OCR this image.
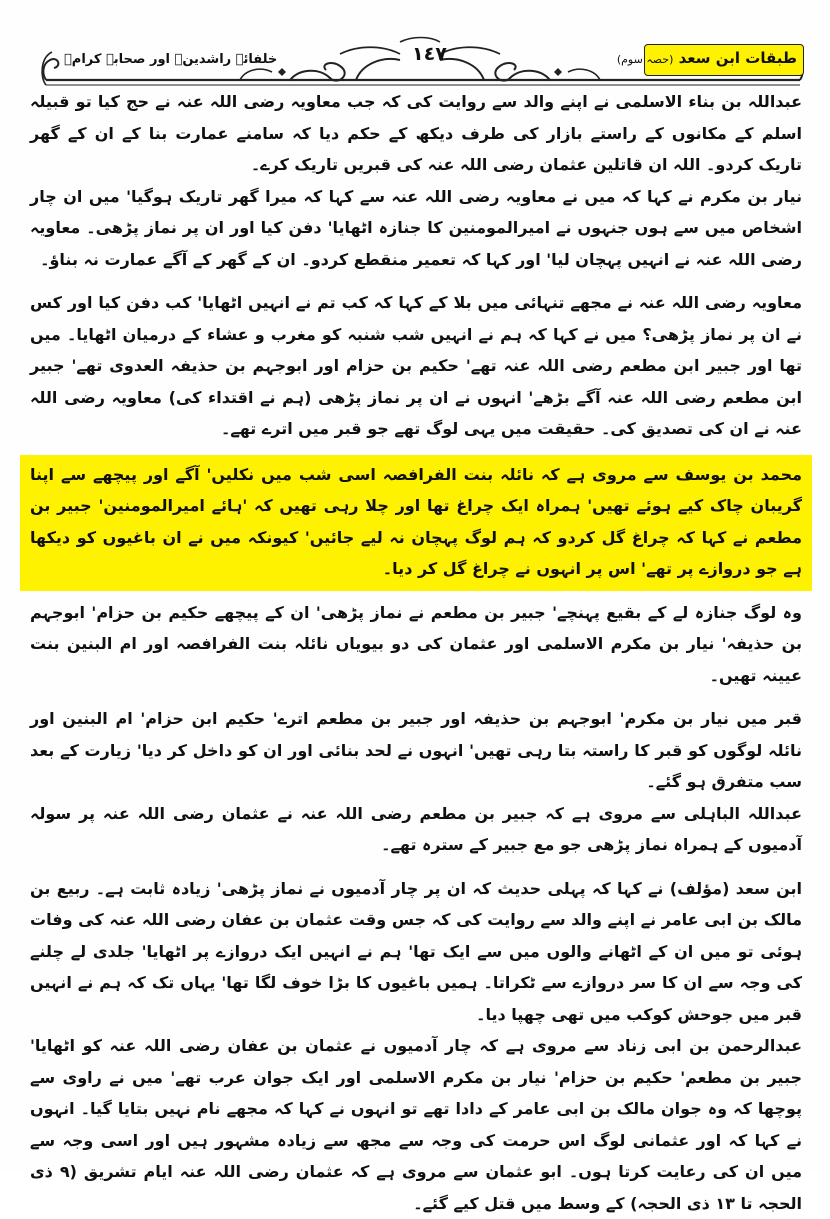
طبقات ابن سعد (حصہ سوم)
١٤٧
خلفائے راشدینؓ اور صحابہ کرامؓ

عبداللہ بن بناء الاسلمی نے اپنے والد سے روایت کی کہ جب معاویہ رضی اللہ عنہ نے حج کیا تو قبیلہ اسلم کے مکانوں کے راستے بازار کی طرف دیکھ کے حکم دیا کہ سامنے عمارت بنا کے ان کے گھر تاریک کردو۔ اللہ ان قاتلین عثمان رضی اللہ عنہ کی قبریں تاریک کرے۔

نیار بن مکرم نے کہا کہ میں نے معاویہ رضی اللہ عنہ سے کہا کہ میرا گھر تاریک ہوگیا' میں ان چار اشخاص میں سے ہوں جنہوں نے امیرالمومنین کا جنازہ اٹھایا' دفن کیا اور ان پر نماز پڑھی۔ معاویہ رضی اللہ عنہ نے انہیں پہچان لیا' اور کہا کہ تعمیر منقطع کردو۔ ان کے گھر کے آگے عمارت نہ بناؤ۔

معاویہ رضی اللہ عنہ نے مجھے تنہائی میں بلا کے کہا کہ کب تم نے انہیں اٹھایا' کب دفن کیا اور کس نے ان پر نماز پڑھی؟ میں نے کہا کہ ہم نے انہیں شب شنبہ کو مغرب و عشاء کے درمیان اٹھایا۔ میں تھا اور جبیر ابن مطعم رضی اللہ عنہ تھے' حکیم بن حزام اور ابوجہم بن حذیفہ العدوی تھے' جبیر ابن مطعم رضی اللہ عنہ آگے بڑھے' انہوں نے ان پر نماز پڑھی (ہم نے اقتداء کی) معاویہ رضی اللہ عنہ نے ان کی تصدیق کی۔ حقیقت میں یہی لوگ تھے جو قبر میں اترے تھے۔

محمد بن یوسف سے مروی ہے کہ نائلہ بنت الفرافصہ اسی شب میں نکلیں' آگے اور پیچھے سے اپنا گریبان چاک کیے ہوئے تھیں' ہمراہ ایک چراغ تھا اور چلا رہی تھیں کہ 'ہائے امیرالمومنین' جبیر بن مطعم نے کہا کہ چراغ گل کردو کہ ہم لوگ پہچان نہ لیے جائیں' کیونکہ میں نے ان باغیوں کو دیکھا ہے جو دروازے پر تھے' اس پر انہوں نے چراغ گل کر دیا۔

وہ لوگ جنازہ لے کے بقیع پہنچے' جبیر بن مطعم نے نماز پڑھی' ان کے پیچھے حکیم بن حزام' ابوجہم بن حذیفہ' نیار بن مکرم الاسلمی اور عثمان کی دو بیویاں نائلہ بنت الفرافصہ اور ام البنین بنت عیینہ تھیں۔

قبر میں نیار بن مکرم' ابوجہم بن حذیفہ اور جبیر بن مطعم اترے' حکیم ابن حزام' ام البنین اور نائلہ لوگوں کو قبر کا راستہ بتا رہی تھیں' انہوں نے لحد بنائی اور ان کو داخل کر دیا' زیارت کے بعد سب متفرق ہو گئے۔

عبداللہ الباہلی سے مروی ہے کہ جبیر بن مطعم رضی اللہ عنہ نے عثمان رضی اللہ عنہ پر سولہ آدمیوں کے ہمراہ نماز پڑھی جو مع جبیر کے سترہ تھے۔

ابن سعد (مؤلف) نے کہا کہ پہلی حدیث کہ ان پر چار آدمیوں نے نماز پڑھی' زیادہ ثابت ہے۔ ربیع بن مالک بن ابی عامر نے اپنے والد سے روایت کی کہ جس وقت عثمان بن عفان رضی اللہ عنہ کی وفات ہوئی تو میں ان کے اٹھانے والوں میں سے ایک تھا' ہم نے انہیں ایک دروازے پر اٹھایا' جلدی لے چلنے کی وجہ سے ان کا سر دروازے سے ٹکراتا۔ ہمیں باغیوں کا بڑا خوف لگا تھا' یہاں تک کہ ہم نے انہیں قبر میں جوحش کوکب میں تھی چھپا دیا۔

عبدالرحمن بن ابی زناد سے مروی ہے کہ چار آدمیوں نے عثمان بن عفان رضی اللہ عنہ کو اٹھایا' جبیر بن مطعم' حکیم بن حزام' نیار بن مکرم الاسلمی اور ایک جوان عرب تھے' میں نے راوی سے پوچھا کہ وہ جوان مالک بن ابی عامر کے دادا تھے تو انہوں نے کہا کہ مجھے نام نہیں بتایا گیا۔ انہوں نے کہا کہ اور عثمانی لوگ اس حرمت کی وجہ سے مجھ سے زیادہ مشہور ہیں اور اسی وجہ سے میں ان کی رعایت کرتا ہوں۔ ابو عثمان سے مروی ہے کہ عثمان رضی اللہ عنہ ایام تشریق (۹ ذی الحجہ تا ۱۳ ذی الحجہ) کے وسط میں قتل کیے گئے۔
